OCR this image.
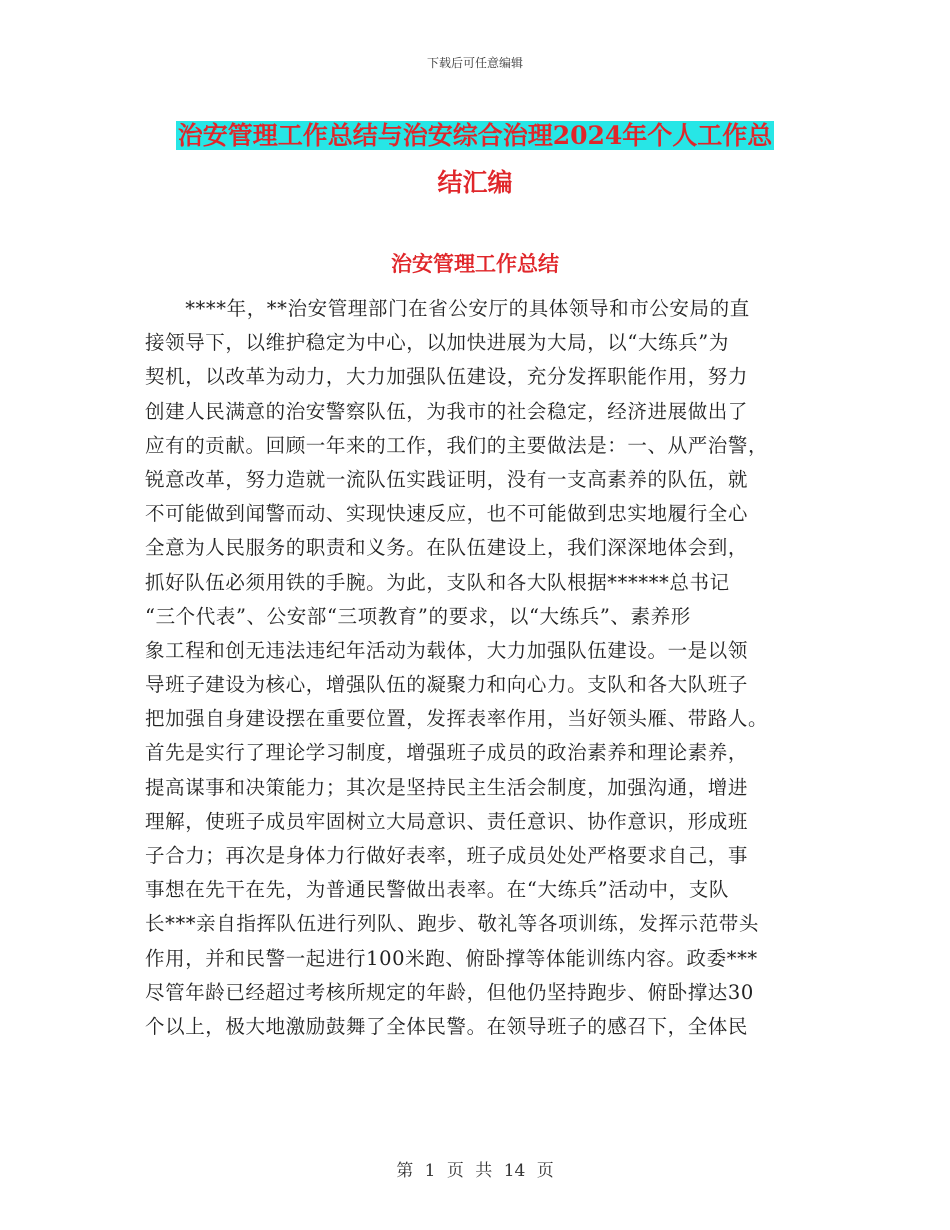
下载后可任意编辑
治安管理工作总结与治安综合治理2024年个人工作总
结汇编
治安管理工作总结
　　****年，**治安管理部门在省公安厅的具体领导和市公安局的直
接领导下，以维护稳定为中心，以加快进展为大局，以“大练兵”为
契机，以改革为动力，大力加强队伍建设，充分发挥职能作用，努力
创建人民满意的治安警察队伍，为我市的社会稳定，经济进展做出了
应有的贡献。回顾一年来的工作，我们的主要做法是：一、从严治警，
锐意改革，努力造就一流队伍实践证明，没有一支高素养的队伍，就
不可能做到闻警而动、实现快速反应，也不可能做到忠实地履行全心
全意为人民服务的职责和义务。在队伍建设上，我们深深地体会到，
抓好队伍必须用铁的手腕。为此，支队和各大队根据******总书记
“三个代表”、公安部“三项教育”的要求，以“大练兵”、素养形
象工程和创无违法违纪年活动为载体，大力加强队伍建设。一是以领
导班子建设为核心，增强队伍的凝聚力和向心力。支队和各大队班子
把加强自身建设摆在重要位置，发挥表率作用，当好领头雁、带路人。
首先是实行了理论学习制度，增强班子成员的政治素养和理论素养，
提高谋事和决策能力；其次是坚持民主生活会制度，加强沟通，增进
理解，使班子成员牢固树立大局意识、责任意识、协作意识，形成班
子合力；再次是身体力行做好表率，班子成员处处严格要求自己，事
事想在先干在先，为普通民警做出表率。在“大练兵”活动中，支队
长***亲自指挥队伍进行列队、跑步、敬礼等各项训练，发挥示范带头
作用，并和民警一起进行100米跑、俯卧撑等体能训练内容。政委***
尽管年龄已经超过考核所规定的年龄，但他仍坚持跑步、俯卧撑达30
个以上，极大地激励鼓舞了全体民警。在领导班子的感召下，全体民
第 1 页 共 14 页
